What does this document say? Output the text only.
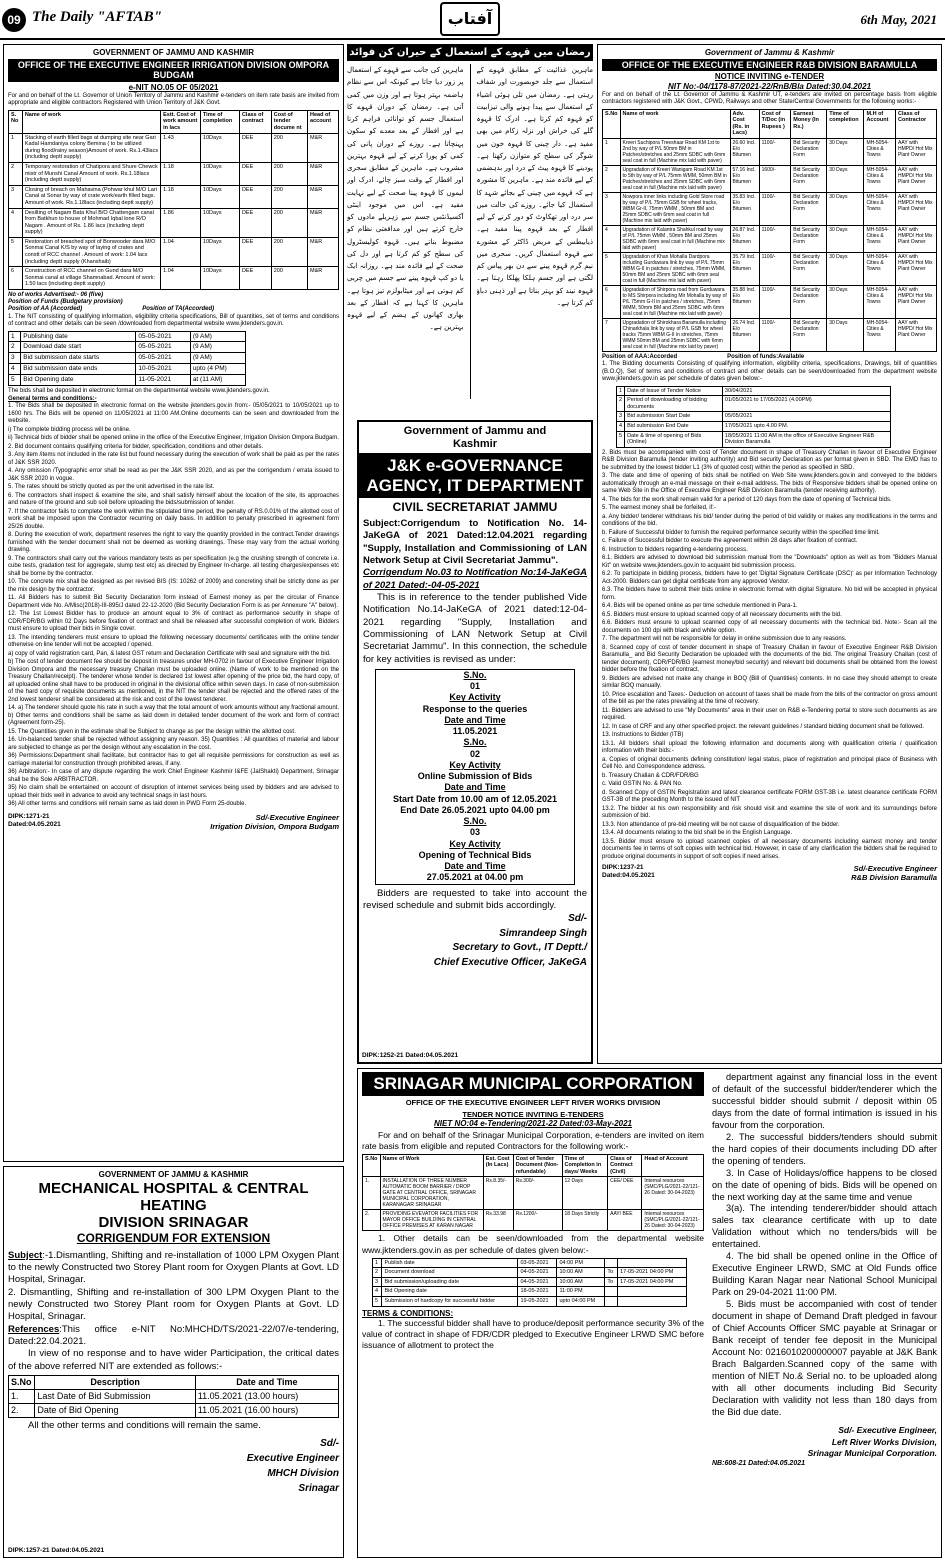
09 The Daily "AFTAB"	آفتاب	6th May, 2021
GOVERNMENT OF JAMMU AND KASHMIR
OFFICE OF THE EXECUTIVE ENGINEER IRRIGATION DIVISION OMPORA BUDGAM
e-NIT NO.05 OF 05/2021

For and on behalf of the Lt. Governor of Union Territory of Jammu and Kashmir e-tenders on item rate basis are invited from appropriate and eligible contractors Registered with Union Territory of J&K Govt.

S. No	Name of work	Estt. Cost of work amount in lacs	Time of completion	Class of contract	Cost of tender docume nt	Head of account
1	Stacking of earth filled bags at dumping site near Gari Kadal Hamdaniya colony Bemina ( to be utilized during flood/rainy season)Amount of work. Rs.1.43lacs (including deptt supply)	1.43	10Days	DEE	200	M&R
2	Temporary restoration of Chatipora and Shure Chewck mistr of Munshi Canal Amount of work. Rs.1.18lacs (including deptt supply)	1.18	10Days	DEE	200	M&R
3	Closing of breach on Mahavina (Pohwar khul M/O Lari Canal at Sonar by way of crate work/earth filled bags. Amount of work. Rs.1.18lacs (including deptt supply)	1.18	10Days	DEE	200	M&R
4	Desilting of Nagam Bata Khul B/O Chattengam canal from Batkhun to house of Mohmad Iqbal lone R/O Nagam . Amount of Rs. 1.86 lacs (including deptt supply)	1.86	10Days	DEE	200	M&R
5	Restoration of breached spot of Bonwooder dara M/O Sonmai Canal K/S by way of laying of crates and constt of RCC channel . Amount of work: 1.04 lacs (including deptt supply (Khanshaib)	1.04	10Days	DEE	200	M&R
6	Construction of RCC channel on Gund dara M/O Sonmai canal at village Shamnabad. Amount of work: 1.50 lacs (including deptt supply)	1.04	10Days	DEE	200	M&R
No of works Advertised:- 06 (five)
Position of Funds (Budgetary provision)
Position of AA (Accorded)	Position of TA(Accorded)

1. The NIT consisting of qualifying information, eligibility criteria specifications, Bill of quantities, set of terms and conditions of contract and other details can be seen /downloaded from departmental website www.jktenders.gov.in.

1	Publishing date	05-05-2021	(9 AM)
2	Download date start	05-05-2021	(9 AM)
3	Bid submission date starts	05-05-2021	(9 AM)
4	Bid submission date ends	10-05-2021	upto (4 PM)
5	Bid Opening date	11-05-2021	at (11 AM)

The bids shall be deposited in electronic format on the departmental website www.jktenders.gov.in.

General terms and conditions:-

1. The Bids shall be deposited in electronic format on the website jktenders.gov.in from:- 05/05/2021 to 10/05/2021 up to 1600 hrs. The Bids will be opened on 11/05/2021 at 11:00 AM.Online documents can be seen and downloaded from the website.

i) The complete bidding process will be online.

ii) Technical bids of bidder shall be opened online in the office of the Executive Engineer, Irrigation Division Ompora Budgam.

2. Bid document contains qualifying criteria for bidder, specification, conditions and other details.

3. Any item /items not included in the rate list but found necessary during the execution of work shall be paid as per the rates of J&K SSR 2020.

4. Any omission /Typographic error shall be read as per the J&K SSR 2020, and as per the corrigendum / errata issued to J&K SSR 2020 in vogue.

5. The rates should be strictly quoted as per the unit advertised in the rate list.

6. The contractors shall inspect & examine the site, and shall satisfy himself about the location of the site, its approaches and nature of the ground and sub soil before uploading the bids/submission of tender.

7. If the contractor fails to complete the work within the stipulated time period, the penalty of RS.0.01% of the allotted cost of work shall be imposed upon the Contractor recurring on daily basis. In addition to penalty prescribed in agreement form 25/26 double.

8. During the execution of work, department reserves the right to vary the quantity provided in the contract.Tender drawings furnished with the tender document shall not be deemed as working drawings. These may vary from the actual working drawing.

9. The contractors shall carry out the various mandatory tests as per specification (e.g the crushing strength of concrete i.e. cube tests, gradation test for aggregate, slump test etc) as directed by Engineer In-charge. all testing charges/expenses etc shall be borne by the contractor.

10. The concrete mix shall be designed as per revised BIS (IS: 10262 of 2009) and concreting shall be strictly done as per the mix design by the contractor.

11. All Bidders has to submit Bid Security Declaration form instead of Earnest money as per the circular of Finance Department vide No. A/Misc(2018)-III-895/J dated 22-12-2020 (Bid Security Declaration Form is as per Annexure "A" below).

12. The 1st Lowest Bidder has to produce an amount equal to 3% of contract as performance security in shape of CDR/FDR/BG within 02 Days before fixation of contract and shall be released after successful completion of work. Bidders must ensure to upload their bids in Single cover.

13. The intending tenderers must ensure to upload the following necessary documents/ certificates with the online tender otherwise on line tender will not be accepted / opened.

a) copy of valid registration card, Pan, & latest GST return and Declaration Certificate with seal and signature with the bid.

b) The cost of tender document fee should be deposit in treasures under MH-0702 in favour of Executive Engineer Irrigation Division Ompora and the necessary treasury Challan must be uploaded online. (Name of work to be mentioned on the Treasury Challan/receipt). The tenderer whose tender is declared 1st lowest after opening of the price bid, the hard copy, of all uploaded online shall have to be produced in original in the divisional office within seven days. In case of non-submission of the hard copy of requisite documents as mentioned, in the NIT the tender shall be rejected and the offered rates of the 2nd lowest tenderer shall be considered at the risk and cost of the lowest tenderer.

14. a) The tenderer should quote his rate in such a way that the total amount of work amounts without any fractional amount. b) Other terms and conditions shall be same as laid down in detailed tender document of the work and form of contract (Agreement form-25).

15. The Quantities given in the estimate shall be Subject to change as per the design within the allotted cost.

16. Un-balanced tender shall be rejected without assigning any reason. 35) Quantities : All quantities of material and labour are subjected to change as per the design without any escalation in the cost.

36) Permissions:Department shall facilitate, but contractor has to get all requisite permissions for construction as well as carriage material for construction through prohibited areas, if any.

36) Arbitration:- In case of any dispute regarding the work Chief Engineer Kashmir I&FE (JalShakti) Department, Srinagar shall be the Sole ARBITRACTOR.

35) No claim shall be entertained on account of disruption of internet services being used by bidders and are advised to upload their bids well in advance to avoid any technical snags in last hours.

36) All other terms and conditions will remain same as laid down in PWD Form 25-double.

DIPK:1271-21
Dated:04.05.2021
Sd/-Executive Engineer
Irrigation Division, Ompora Budgam
GOVERNMENT OF JAMMU & KASHMIR
MECHANICAL HOSPITAL & CENTRAL HEATING
DIVISION SRINAGAR
CORRIGENDUM FOR EXTENSION

Subject:-1.Dismantling, Shifting and re-installation of 1000 LPM Oxygen Plant to the newly Constructed two Storey Plant room for Oxygen Plants at Govt. LD Hospital, Srinagar.

2. Dismantling, Shifting and re-installation of 300 LPM Oxygen Plant to the newly Constructed two Storey Plant room for Oxygen Plants at Govt. LD Hospital, Srinagar.

References:This office e-NIT No:MHCHD/TS/2021-22/07/e-tendering, Dated:22.04.2021.

In view of no response and to have wider Participation, the critical dates of the above referred NIT are extended as follows:-

S.No	Description	Date and Time
1.	Last Date of Bid Submission	11.05.2021 (13.00 hours)
2.	Date of Bid Opening	11.05.2021 (16.00 hours)

All the other terms and conditions will remain the same.

Sd/-
Executive Engineer
MHCH Division
Srinagar
DIPK:1257-21 Dated:04.05.2021
رمضان میں قہوے کے استعمال کے حیران کن فوائد
ماہرین غذائیت کے مطابق قہوے کے استعمال سے جلد خوبصورت اور شفاف رہتی ہے۔ رمضان میں تلی ہوئی اشیاء کے استعمال سے پیدا ہونے والی تیزابیت کو قہوہ کم کرتا ہے۔ ادرک کا قہوہ گلے کی خراش اور نزلہ زکام میں بھی مفید ہے۔ دار چینی کا قہوہ خون میں شوگر کی سطح کو متوازن رکھتا ہے۔ پودینے کا قہوہ پیٹ کے درد اور بدہضمی کے لیے فائدہ مند ہے۔ ماہرین کا مشورہ ہے کہ قہوے میں چینی کے بجائے شہد کا استعمال کیا جائے۔ روزے کی حالت میں سر درد اور تھکاوٹ کو دور کرنے کے لیے افطار کے بعد قہوہ پینا مفید ہے۔ ذیابیطس کے مریض ڈاکٹر کے مشورے سے قہوہ استعمال کریں۔ سحری میں نیم گرم قہوہ پینے سے دن بھر پیاس کم لگتی ہے اور جسم ہلکا پھلکا رہتا ہے۔ قہوہ نیند کو بہتر بناتا ہے اور ذہنی دباؤ کم کرتا ہے۔
ماہرین کی جانب سے قہوے کے استعمال پر زور دیا جاتا ہے کیونکہ اس سے نظام ہاضمہ بہتر ہوتا ہے اور وزن میں کمی آتی ہے۔ رمضان کے دوران قہوے کا استعمال جسم کو توانائی فراہم کرتا ہے اور افطار کے بعد معدے کو سکون پہنچاتا ہے۔ روزے کے دوران پانی کی کمی کو پورا کرنے کے لیے قہوہ بہترین مشروب ہے۔ ماہرین کے مطابق سحری اور افطار کے وقت سبز چائے، ادرک اور لیموں کا قہوہ پینا صحت کے لیے نہایت مفید ہے۔ اس میں موجود اینٹی آکسیڈنٹس جسم سے زہریلے مادوں کو خارج کرتے ہیں اور مدافعتی نظام کو مضبوط بناتے ہیں۔ قہوہ کولیسٹرول کی سطح کو کم کرتا ہے اور دل کی صحت کے لیے فائدہ مند ہے۔ روزانہ ایک یا دو کپ قہوہ پینے سے جسم میں چربی کم ہوتی ہے اور میٹابولزم تیز ہوتا ہے۔ ماہرین کا کہنا ہے کہ افطار کے بعد بھاری کھانوں کے ہضم کے لیے قہوہ بہترین ہے۔
Government of Jammu and
Kashmir
J&K e-GOVERNANCE
AGENCY, IT DEPARTMENT
CIVIL SECRETARIAT JAMMU

Subject:Corrigendum to Notification No. 14-JaKeGA of 2021 Dated:12.04.2021 regarding "Supply, Installation and Commissioning of LAN Network Setup at Civil Secretariat Jammu".

Corrigendum No.03 to Notification No:14-JaKeGA of 2021 Dated:-04-05-2021

This is in reference to the tender published Vide Notification No.14-JaKeGA of 2021 dated:12-04-2021 regarding "Supply, Installation and Commissioning of LAN Network Setup at Civil Secretariat Jammu". In this connection, the schedule for key activities is revised as under:

S.No.
01
Key Activity
Response to the queries
Date and Time
11.05.2021
S.No.
02
Key Activity
Online Submission of Bids
Date and Time
Start Date from 10.00 am of 12.05.2021
End Date 26.05.2021 upto 04.00 pm
S.No.
03
Key Activity
Opening of Technical Bids
Date and Time
27.05.2021 at 04.00 pm

Bidders are requested to take into account the revised schedule and submit bids accordingly.

Sd/-
Simrandeep Singh
Secretary to Govt., IT Deptt./
Chief Executive Officer, JaKeGA
DIPK:1252-21 Dated:04.05.2021
Government of Jammu & Kashmir
OFFICE OF THE EXECUTIVE ENGINEER R&B DIVISION BARAMULLA
NOTICE INVITING e-TENDER
NIT No:-04/1178-87/2021-22/RnB/Bla Dated:30.04.2021

For and on behalf of the Lt. Governor of Jammu & Kashmir UT, e-tenders are invited on percentage basis from eligible contractors registered with J&K Govt., CPWD, Railways and other State/Central Governments for the following works:-

S.No	Name of work	Adv. Cost (Rs. in Lacs)	Cost of T/Doc (in Rupees )	Earnest Money (In Rs.)	Time of completion	M.H of Account	Class of Contractor
1	Kreeri Suchipora Treeshaar Road KM 1st to 2nd by way of P/L 50mm BM in Patches/stretches and 25mm SDBC with 6mm seal coat in full (Machine mix laid with paver)	26.60 Incl. E/o Bitumen	1100/-	Bid Security Declaration Form	30 Days	MH-5054-Cities & Towns	AAY with HMPD/ Hot Mix Plant Owner
2	Upgradation of Kreeri Wanigam Road KM 1st to 5th by way of P/L 75mm WMM, 50mm BM in Patches/stretches and 25mm SDBC with 6mm seal coat in full (Machine mix laid with paver)	57.16 Incl. E/o Bitumen	1600/-	Bid Security Declaration Form	30 Days	MH-5054-Cities & Towns	AAY with HMPD/ Hot Mix Plant Owner
3	Nowpora inner links including Gold Store road by way of P/L 75mm GSB for wheel tracks, WBM Gr-II, 75mm WMM , 50mm BM and 25mm SDBC with 6mm seal coat in full (Machine mix laid with paver)	35.83 Incl. E/o Bitumen	1100/-	Bid Security Declaration Form	30 Days	MH-5054-Cities & Towns	AAY with HMPD/ Hot Mix Plant Owner
4	Upgradation of Kalantra Shahkul road by way of P/L 75mm WMM , 50mm BM and 25mm SDBC with 6mm seal coat in full (Machine mix laid with paver)	26.87 Incl. E/o Bitumen	1100/-	Bid Security Declaration Form	30 Days	MH-5054-Cities & Towns	AAY with HMPD/ Hot Mix Plant Owner
5	Upgradation of Khan Mohalla Dardpora including Gurduwara link by way of P/L 75mm WBM G-II in patches / stretches, 75mm WMM, 50mm BM and 25mm SDBC with 6mm seal coat in full (Machine mix laid with paver)	35.79 Incl. E/o Bitumen	1100/-	Bid Security Declaration Form	30 Days	MH-5054-Cities & Towns	AAY with HMPD/ Hot Mix Plant Owner
6	Upgradation of Shirpora road from Gurduwara to MS Shirpora including Mir Mohalla by way of P/L 75mm G-II in patches / stretches, 75mm WMM, 50mm BM and 25mm SDBC with 6mm seal coat in full (Machine mix laid with paver)	35.88 Incl. E/o Bitumen	1100/-	Bid Security Declaration Form	30 Days	MH-5054-Cities & Towns	AAY with HMPD/ Hot Mix Plant Owner
7	Upgradation of Shirokhara Baramulla including Chinarkhala link by way of P/L GSB for wheel tracks 75mm WBM G-II in stretches, 75mm WMM 50mm BM and 25mm SDBC with 6mm seal coat in full (Machine mix laid by paver)	26.74 Incl. E/o Bitumen	1100/-	Bid Security Declaration Form	30 Days	MH-5054-Cities & Towns	AAY with HMPD/ Hot Mix Plant Owner
Position of AAA:Accorded	Position of funds:Available

1. The Bidding documents Consisting of qualifying information, eligibility criteria, specifications, Drawings, bill of quantities (B.O.Q), Set of terms and conditions of contract and other details can be seen/downloaded from the department website www.jktenders.gov.in as per schedule of dates given below:-

1	Date of Issue of Tender Notice	30/04/2021
2	Period of downloading of bidding documents	01/05/2021 to 17/05/2021 (4.00PM)
3	Bid submission Start Date	05/05/2021
4	Bid submission End Date	17/05/2021 upto 4.00 PM.
5	Date & time of opening of Bids (Online)	18/05/2021 11:00 AM in the office of Executive Engineer R&B Division Baramulla

2. Bids must be accompanied with cost of Tender document in shape of Treasury Challan in favour of Executive Engineer R&B Division Baramulla (tender inviting authority) and Bid security Declaration as per format given in SBD. The EMD has to be submitted by the lowest bidder L1 (3% of quoted cost) within the period as specified in SBD.

3. The date and time of opening of bids shall be notified on Web Site www.jktenders.gov.in and conveyed to the bidders automatically through an e-mail message on their e-mail address. The bids of Responsive bidders shall be opened online on same Web Site in the Office of Executive Engineer R&B Division Baramulla (tender receiving authority).

4. The bids for the work shall remain valid for a period of 120 days from the date of opening of Technical bids.

5. The earnest money shall be forfeited, if:-

a. Any bidder/ tenderer withdraws his bid/ tender during the period of bid validity or makes any modifications in the terms and conditions of the bid.

b. Failure of Successful bidder to furnish the required performance security within the specified time limit.

c. Failure of Successful bidder to execute the agreement within 28 days after fixation of contract.

6. Instruction to bidders regarding e-tendering process.

6.1. Bidders are advised to download bid submission manual from the "Downloads" option as well as from "Bidders Manual Kit" on website www.jktenders.gov.in to acquaint bid submission process.

6.2. To participate in bidding process, bidders have to get 'Digital Signature Certificate (DSC)' as per Information Technology Act-2000. Bidders can get digital certificate from any approved Vendor.

6.3. The bidders have to submit their bids online in electronic format with digital Signature. No bid will be accepted in physical form.

6.4. Bids will be opened online as per time schedule mentioned in Para-1.

6.5. Bidders must ensure to upload scanned copy of all necessary documents with the bid.

6.6. Bidders must ensure to upload scanned copy of all necessary documents with the technical bid. Note:- Scan all the documents on 100 dpi with black and white option.

7. The department will not be responsible for delay in online submission due to any reasons.

8. Scanned copy of cost of tender document in shape of Treasury Challan in favour of Executive Engineer R&B Division Baramulla_ and Bid Security Declaration be uploaded with the documents of the bid. The original Treasury Challan (cost of tender document), CDR/FDR/BG (earnest money/bid security) and relevant bid documents shall be obtained from the lowest bidder before the fixation of contract.

9. Bidders are advised not make any change in BOQ (Bill of Quantities) contents. In no case they should attempt to create similar BOQ manually.

10. Price escalation and Taxes:- Deduction on account of taxes shall be made from the bills of the contractor on gross amount of the bill as per the rates prevailing at the time of recovery.

11. Bidders are advised to use "My Documents" area in their user on R&B e-Tendering portal to store such documents as are required.

12. In case of CRF and any other specified project. the relevant guidelines / standard bidding document shall be followed.

13. Instructions to Bidder (ITB)

13.1. All bidders shall upload the following information and documents along with qualification criteria / qualification information with their bids:-

a. Copies of original documents defining constitution/ legal status, place of registration and principal place of Business with Cell No. and Correspondence address.

b. Treasury Challan & CDR/FDR/BG

c. Valid GSTIN No. & PAN No.

d. Scanned Copy of GSTIN Registration and latest clearance certificate FORM GST-3B i.e. latest clearance certificate FORM GST-3B of the preceding Month to the issued of NIT

13.2. The bidder at his own responsibility and risk should visit and examine the site of work and its surroundings before submission of bid.

13.3. Non attendance of pre-bid meeting will be not cause of disqualification of the bidder.

13.4. All documents relating to the bid shall be in the English Language.

13.5. Bidder must ensure to upload scanned copies of all necessary documents including earnest money and tender documents fee in terms of soft copies with technical bid. However, in case of any clarification the bidders shall be required to produce original documents in support of soft copies if need arises.

DIPK:1237-21
Dated:04.05.2021
Sd/-Executive Engineer
R&B Division Baramulla
SRINAGAR MUNICIPAL CORPORATION
OFFICE OF THE EXECUTIVE ENGINEER LEFT RIVER WORKS DIVISION
TENDER NOTICE INVITING E-TENDERS
NIET NO:04 e-Tendering/2021-22 Dated:03-May-2021

For and on behalf of the Srinagar Municipal Corporation, e-tenders are invited on item rate basis from eligible and reputed Contractors for the following work:-

S.No	Name of Work	Est. Cost (In Lacs)	Cost of Tender Document (Non-refundable)	Time of Completion in days/ Weeks	Class of Contract (Civil)	Head of Account
1.	INSTALLATION OF THREE NUMBER AUTOMATIC BOOM BARRIER / DROP GATE AT CENTRAL OFFICE, SRINAGAR MUNICIPAL CORPORATION, KARANAGAR SRINAGAR	Rs.8.35/-	Rs.300/-	12 Days	CEE/ DEE	Internal resources (SMC/PLG/2021-22/121-26 Dated: 30-04-2023)
2.	PROVIDING EVEVATOR FACILITIES FOR MAYOR OFFICE BUILDING IN CENTRAL OFFICE PREMISES AT KARAN NAGAR	Rs.33.98	Rs.1200/-	18 Days Strictly	AAY/ BEE	Internal resources (SMC/PLG/2021-22/121-26 Dated: 30-04-2023)

1. Other details can be seen/downloaded from the departmental website www.jktenders.gov.in as per schedule of dates given below:-

1	Publish date	03-05-2021	04:00 PM		
2	Document download	04-05-2021	10:00 AM	To	17-05-2021 04:00 PM
3	Bid submission/uploading date	04-05-2021	10:00 AM	To	17-05-2021 04:00 PM
4	Bid Opening date	18-05-2021	11:00 PM		
5	Submission of hardcopy for successful bidder	19-05-2021	upto 04:00 PM		
TERMS & CONDITIONS:

1. The successful bidder shall have to produce/deposit performance security 3% of the value of contract in shape of FDR/CDR pledged to Executive Engineer LRWD SMC before issuance of allotment to protect the

department against any financial loss in the event of default of the successful bidder/tenderer which the successful bidder should submit / deposit within 05 days from the date of formal intimation is issued in his favour from the corporation.

2. The successful bidders/tenders should submit the hard copies of their documents including DD after the opening of tenders.

3. In Case of Holidays/office happens to be closed on the date of opening of bids. Bids will be opened on the next working day at the same time and venue

3(a). The intending tenderer/bidder should attach sales tax clearance certificate with up to date Validation without which no tenders/bids will be entertained.

4. The bid shall be opened online in the Office of Executive Engineer LRWD, SMC at Old Funds office Building Karan Nagar near National School Municipal Park on 29-04-2021 11:00 PM.

5. Bids must be accompanied with cost of tender document in shape of Demand Draft pledged in favour of Chief Accounts Officer SMC payable at Srinagar or Bank receipt of tender fee deposit in the Municipal Account No: 0216010200000007 payable at J&K Bank Brach Balgarden.Scanned copy of the same with mention of NIET No.& Serial no. to be uploaded along with all other documents including Bid Security Declaration with validity not less than 180 days from the Bid due date.

Sd/- Executive Engineer,
Left River Works Division,
Srinagar Municipal Corporation.
NB:608-21 Dated:04.05.2021
